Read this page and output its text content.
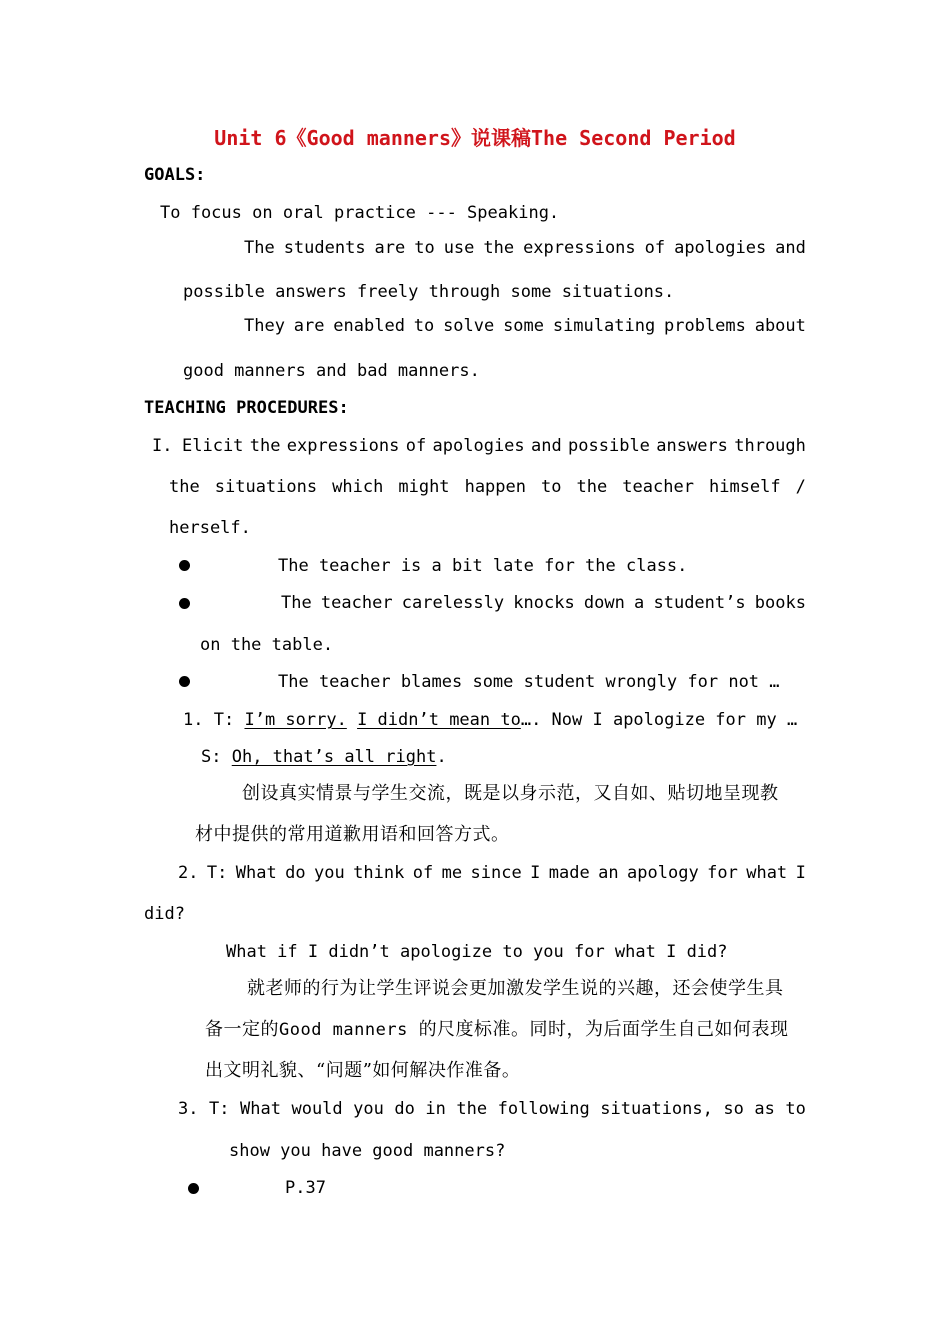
Unit 6《Good manners》说课稿The Second Period
GOALS:
To focus on oral practice --- Speaking.
The students are to use the expressions of apologies and
possible answers freely through some situations.
They are enabled to solve some simulating problems about
good manners and bad manners.
TEACHING PROCEDURES:
I. Elicit the expressions of apologies and possible answers through
the situations which might happen to the teacher himself /
herself.
The teacher is a bit late for the class.
The teacher carelessly knocks down a student’s books
on the table.
The teacher blames some student wrongly for not …
1. T: I’m sorry. I didn’t mean to…. Now I apologize for my …
S: Oh, that’s all right.
创设真实情景与学生交流，既是以身示范，又自如、贴切地呈现教
材中提供的常用道歉用语和回答方式。
2. T: What do you think of me since I made an apology for what I
did?
What if I didn’t apologize to you for what I did?
就老师的行为让学生评说会更加激发学生说的兴趣，还会使学生具
备一定的Good manners 的尺度标准。同时，为后面学生自己如何表现
出文明礼貌、“问题”如何解决作准备。
3. T: What would you do in the following situations, so as to
show you have good manners?
P.37
